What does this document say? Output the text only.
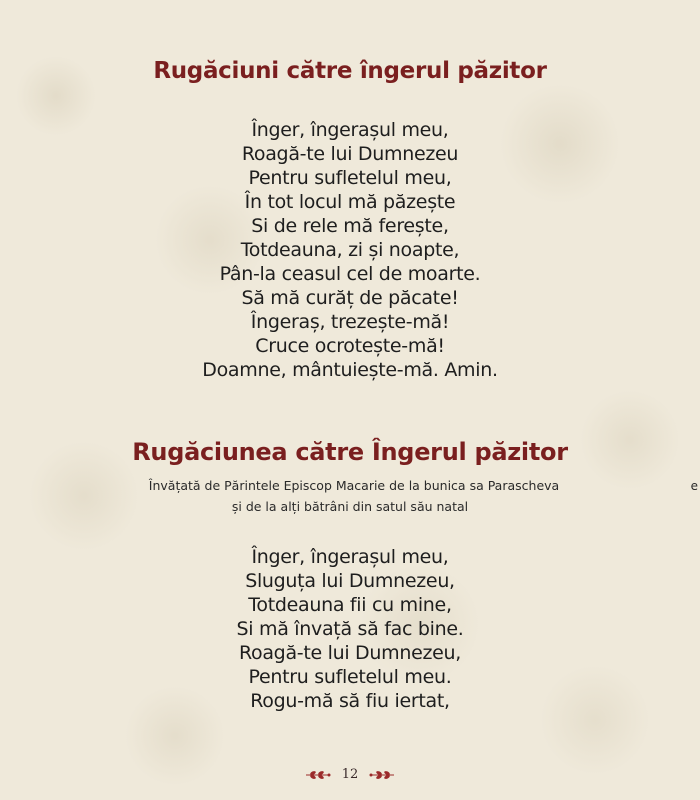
Rugăciuni către îngerul păzitor
Înger, îngerașul meu,
Roagă-te lui Dumnezeu
Pentru sufletelul meu,
În tot locul mă păzește
Si de rele mă ferește,
Totdeauna, zi și noapte,
Pân-la ceasul cel de moarte.
Să mă curăț de păcate!
Îngeraș, trezește-mă!
Cruce ocrotește-mă!
Doamne, mântuiește-mă. Amin.
Rugăciunea către Îngerul păzitor

Învățată de Părintele Episcop Macarie de la bunica sa Parascheva

și de la alți bătrâni din satul său natal

e
Înger, îngerașul meu,
Sluguța lui Dumnezeu,
Totdeauna fii cu mine,
Si mă învață să fac bine.
Roagă-te lui Dumnezeu,
Pentru sufletelul meu.
Rogu-mă să fiu iertat,
12
